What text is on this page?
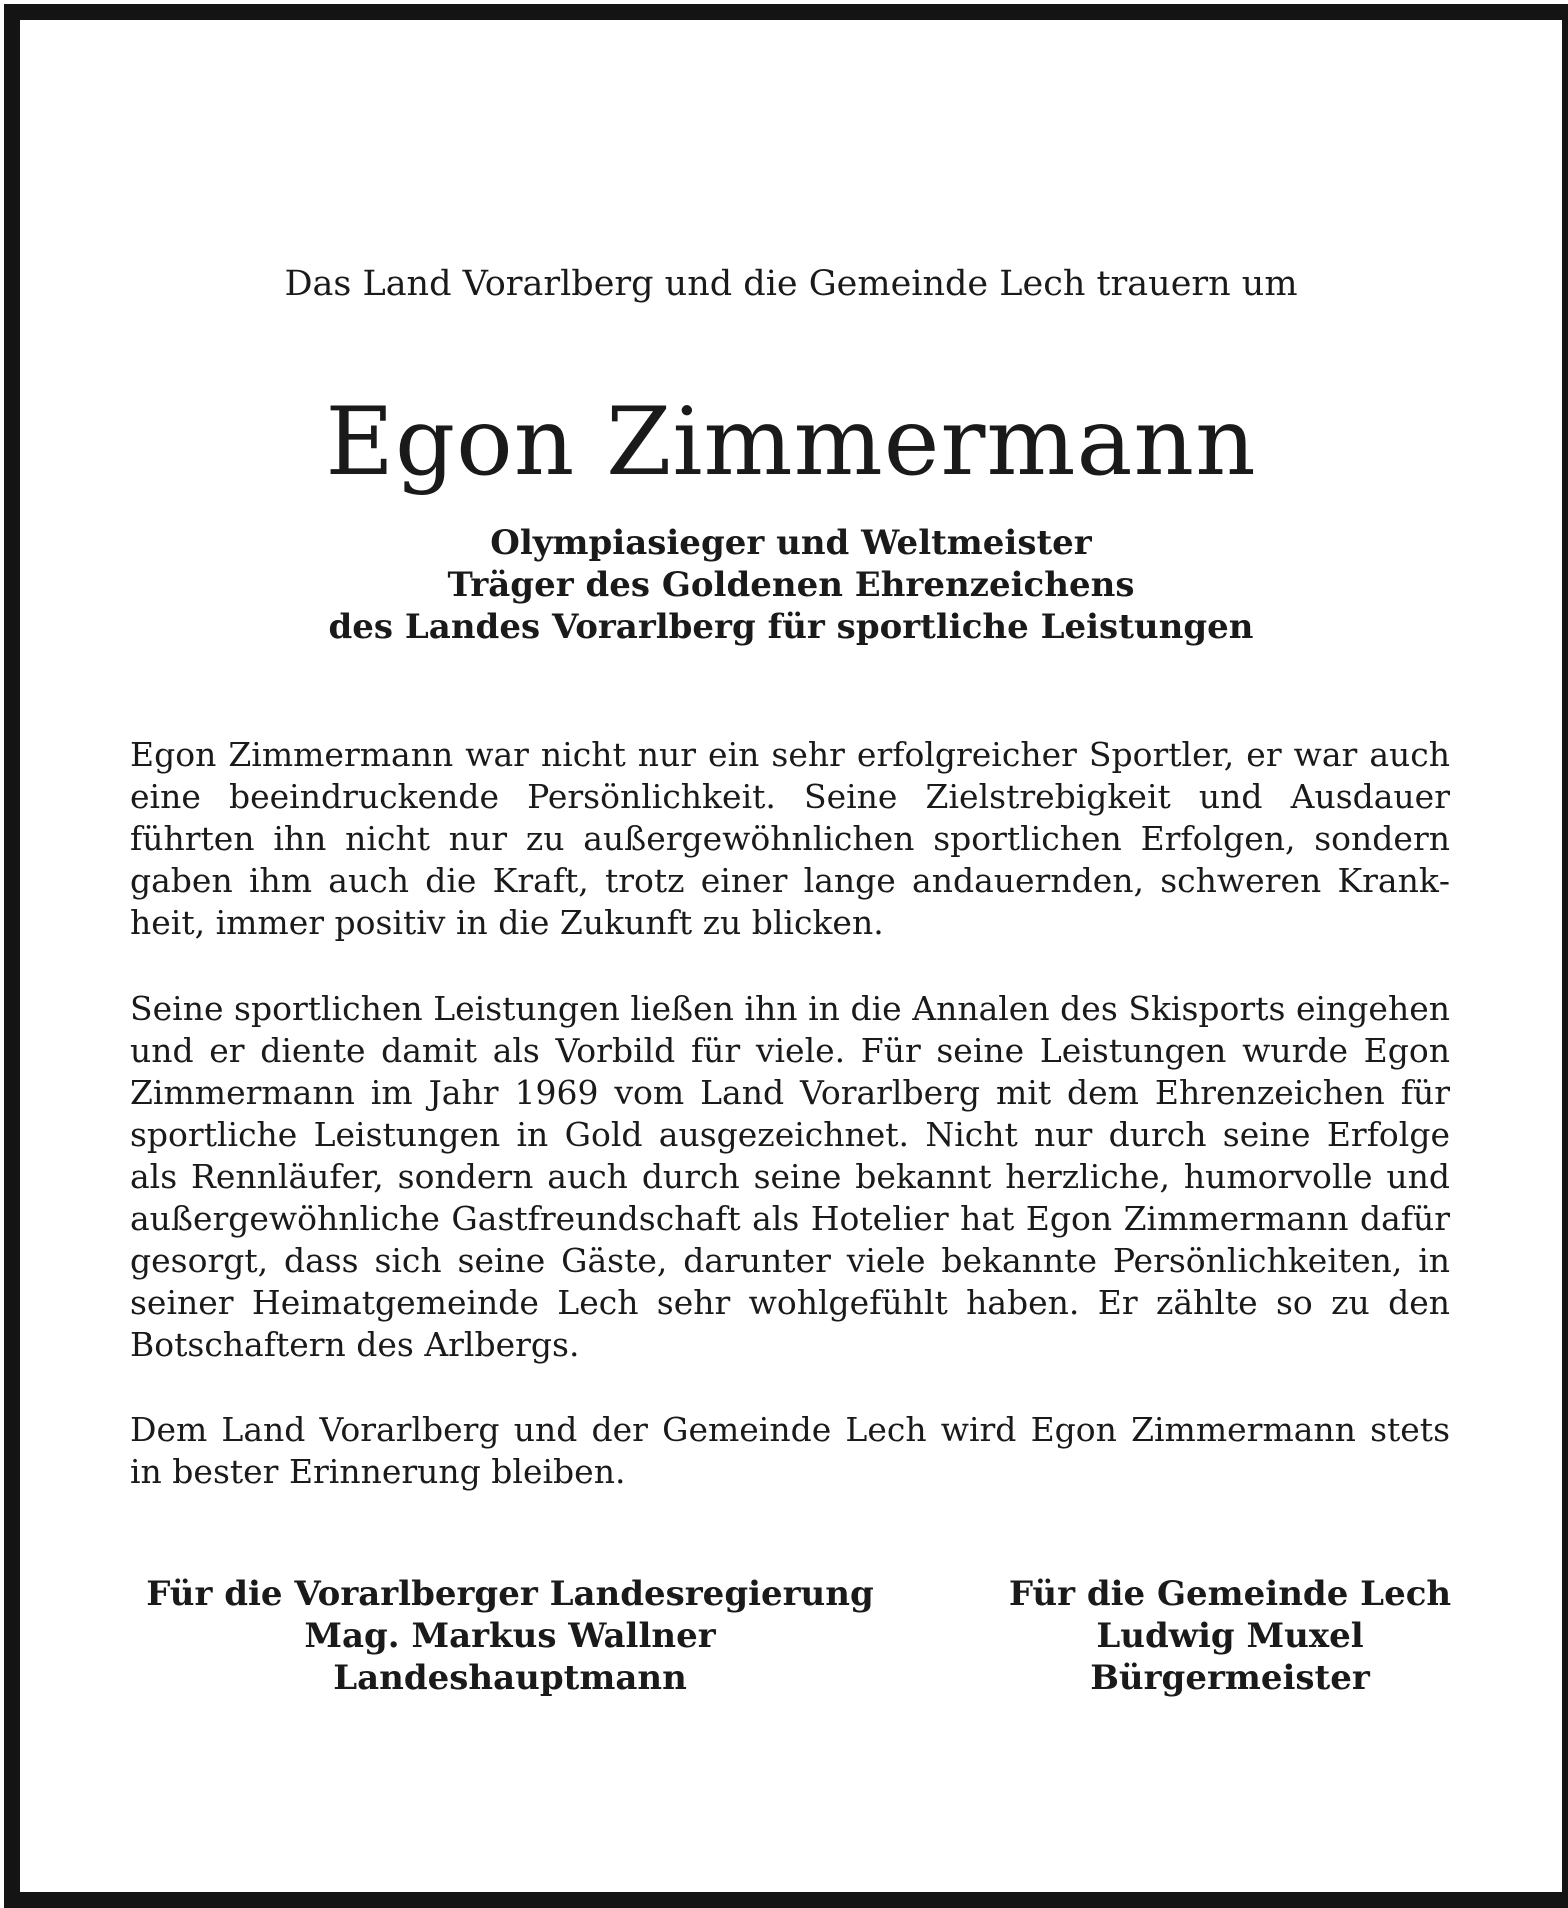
Das Land Vorarlberg und die Gemeinde Lech trauern um

Egon Zimmermann
Olympiasieger und Weltmeister
Träger des Goldenen Ehrenzeichens
des Landes Vorarlberg für sportliche Leistungen

Egon Zimmermann war nicht nur ein sehr erfolgreicher Sportler, er war auch eine beeindruckende Persönlichkeit. Seine Zielstrebigkeit und Ausdauer führten ihn nicht nur zu außergewöhnlichen sportlichen Erfolgen, sondern gaben ihm auch die Kraft, trotz einer lange andauernden, schweren Krankheit, immer positiv in die Zukunft zu blicken.

Seine sportlichen Leistungen ließen ihn in die Annalen des Skisports eingehen und er diente damit als Vorbild für viele. Für seine Leistungen wurde Egon Zimmermann im Jahr 1969 vom Land Vorarlberg mit dem Ehrenzeichen für sportliche Leistungen in Gold ausgezeichnet. Nicht nur durch seine Erfolge als Rennläufer, sondern auch durch seine bekannt herzliche, humorvolle und außergewöhnliche Gastfreundschaft als Hotelier hat Egon Zimmermann dafür gesorgt, dass sich seine Gäste, darunter viele bekannte Persönlichkeiten, in seiner Heimatgemeinde Lech sehr wohlgefühlt haben. Er zählte so zu den Botschaftern des Arlbergs.

Dem Land Vorarlberg und der Gemeinde Lech wird Egon Zimmermann stets in bester Erinnerung bleiben.

Für die Vorarlberger Landesregierung
Mag. Markus Wallner
Landeshauptmann
Für die Gemeinde Lech
Ludwig Muxel
Bürgermeister
